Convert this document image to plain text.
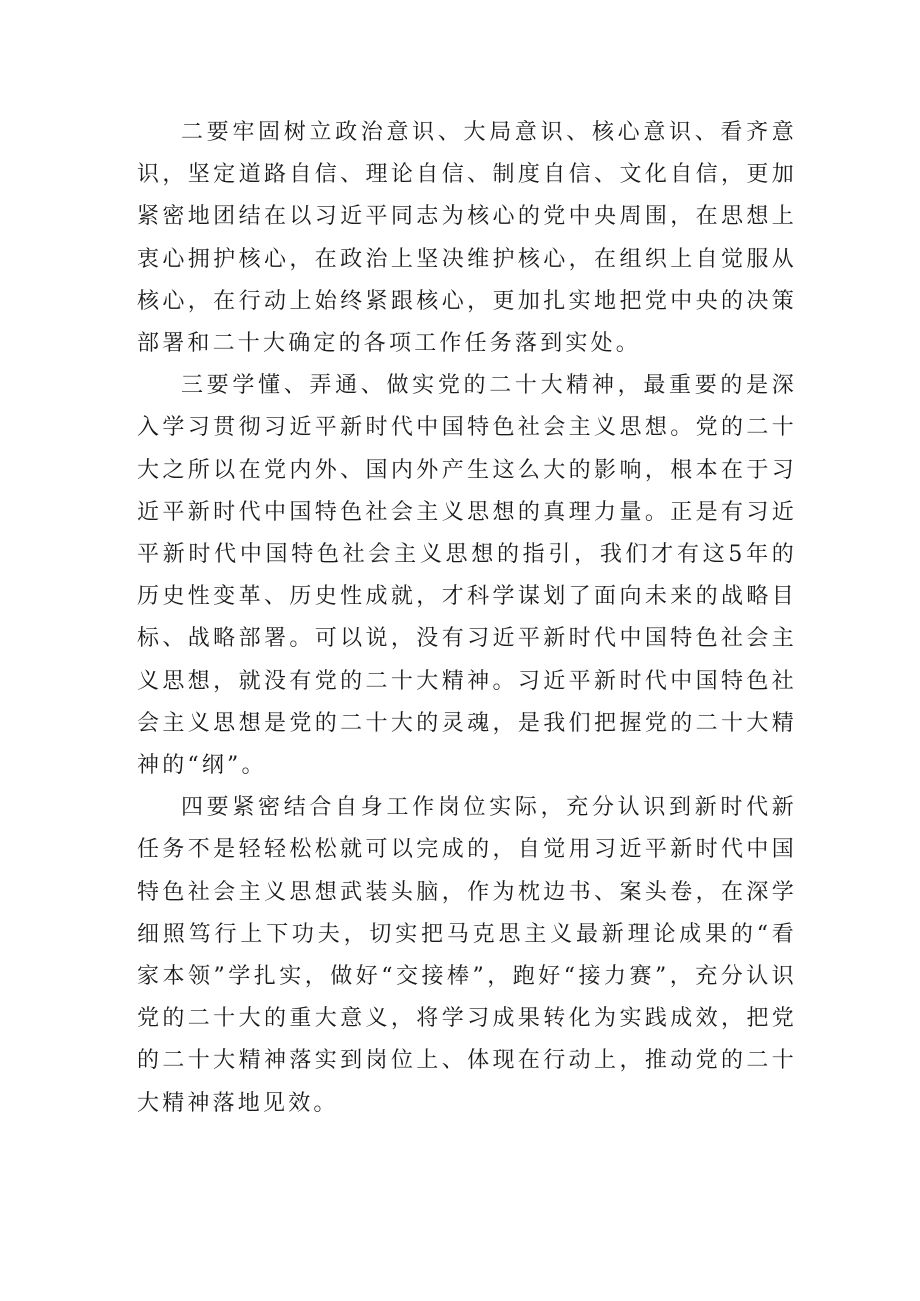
二要牢固树立政治意识、大局意识、核心意识、看齐意识，坚定道路自信、理论自信、制度自信、文化自信，更加紧密地团结在以习近平同志为核心的党中央周围，在思想上衷心拥护核心，在政治上坚决维护核心，在组织上自觉服从核心，在行动上始终紧跟核心，更加扎实地把党中央的决策部署和二十大确定的各项工作任务落到实处。

三要学懂、弄通、做实党的二十大精神，最重要的是深入学习贯彻习近平新时代中国特色社会主义思想。党的二十大之所以在党内外、国内外产生这么大的影响，根本在于习近平新时代中国特色社会主义思想的真理力量。正是有习近平新时代中国特色社会主义思想的指引，我们才有这5年的历史性变革、历史性成就，才科学谋划了面向未来的战略目标、战略部署。可以说，没有习近平新时代中国特色社会主义思想，就没有党的二十大精神。习近平新时代中国特色社会主义思想是党的二十大的灵魂，是我们把握党的二十大精神的“纲”。

四要紧密结合自身工作岗位实际，充分认识到新时代新任务不是轻轻松松就可以完成的，自觉用习近平新时代中国特色社会主义思想武装头脑，作为枕边书、案头卷，在深学细照笃行上下功夫，切实把马克思主义最新理论成果的“看家本领”学扎实，做好“交接棒”，跑好“接力赛”，充分认识党的二十大的重大意义，将学习成果转化为实践成效，把党的二十大精神落实到岗位上、体现在行动上，推动党的二十大精神落地见效。
